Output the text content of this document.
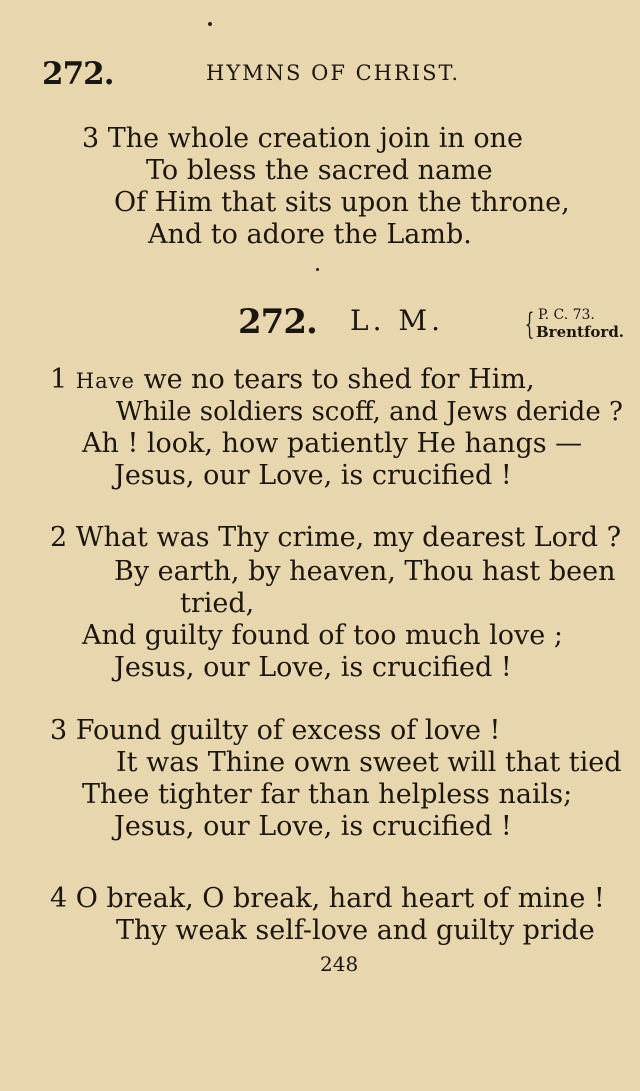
272.	HYMNS OF CHRIST.
3 The whole creation join in one
To bless the sacred name
Of Him that sits upon the throne,
And to adore the Lamb.
272. L. M.	{ P. C. 73.
Brentford.
1 Have we no tears to shed for Him,
While soldiers scoff, and Jews deride ?
Ah ! look, how patiently He hangs —
Jesus, our Love, is crucified !
2 What was Thy crime, my dearest Lord ?
By earth, by heaven, Thou hast been
tried,
And guilty found of too much love ;
Jesus, our Love, is crucified !
3 Found guilty of excess of love !
It was Thine own sweet will that tied
Thee tighter far than helpless nails;
Jesus, our Love, is crucified !
4 O break, O break, hard heart of mine !
Thy weak self-love and guilty pride
248
